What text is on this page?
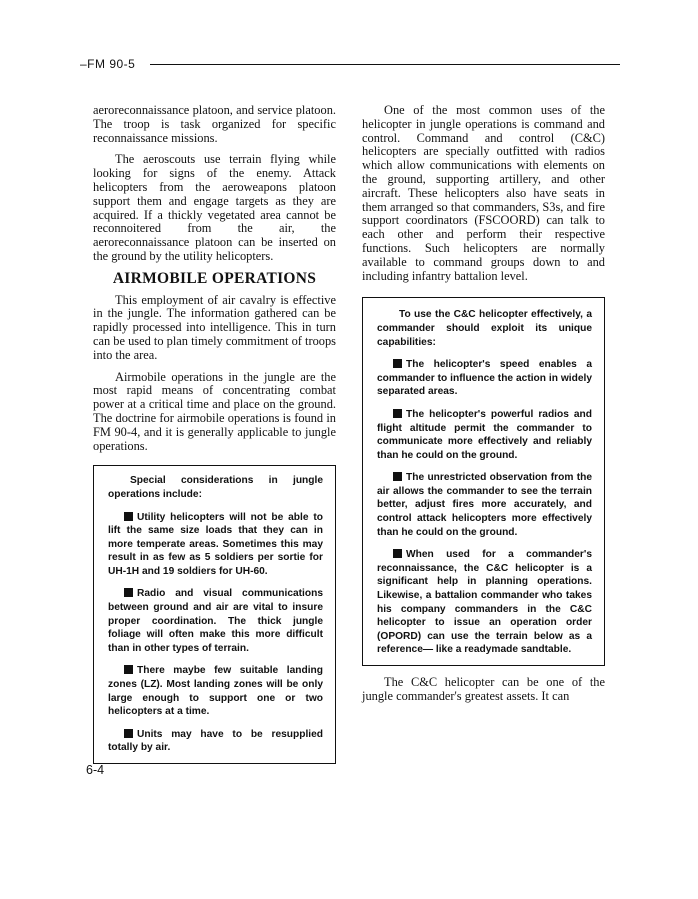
–FM 90-5

aeroreconnaissance platoon, and service platoon. The troop is task organized for specific reconnaissance missions.

The aeroscouts use terrain flying while looking for signs of the enemy. Attack helicopters from the aeroweapons platoon support them and engage targets as they are acquired. If a thickly vegetated area cannot be reconnoitered from the air, the aeroreconnaissance platoon can be inserted on the ground by the utility helicopters.

AIRMOBILE OPERATIONS

This employment of air cavalry is effective in the jungle. The information gathered can be rapidly processed into intelligence. This in turn can be used to plan timely commitment of troops into the area.

Airmobile operations in the jungle are the most rapid means of concentrating combat power at a critical time and place on the ground. The doctrine for airmobile operations is found in FM 90-4, and it is generally applicable to jungle operations.

Special considerations in jungle operations include:

Utility helicopters will not be able to lift the same size loads that they can in more temperate areas. Sometimes this may result in as few as 5 soldiers per sortie for UH-1H and 19 soldiers for UH-60.

Radio and visual communications between ground and air are vital to insure proper coordination. The thick jungle foliage will often make this more difficult than in other types of terrain.

There maybe few suitable landing zones (LZ). Most landing zones will be only large enough to support one or two helicopters at a time.

Units may have to be resupplied totally by air.

One of the most common uses of the helicopter in jungle operations is command and control. Command and control (C&C) helicopters are specially outfitted with radios which allow communications with elements on the ground, supporting artillery, and other aircraft. These helicopters also have seats in them arranged so that commanders, S3s, and fire support coordinators (FSCOORD) can talk to each other and perform their respective functions. Such helicopters are normally available to command groups down to and including infantry battalion level.

To use the C&C helicopter effectively, a commander should exploit its unique capabilities:

The helicopter's speed enables a commander to influence the action in widely separated areas.

The helicopter's powerful radios and flight altitude permit the commander to communicate more effectively and reliably than he could on the ground.

The unrestricted observation from the air allows the commander to see the terrain better, adjust fires more accurately, and control attack helicopters more effectively than he could on the ground.

When used for a commander's reconnaissance, the C&C helicopter is a significant help in planning operations. Likewise, a battalion commander who takes his company commanders in the C&C helicopter to issue an operation order (OPORD) can use the terrain below as a reference— like a readymade sandtable.

The C&C helicopter can be one of the jungle commander's greatest assets. It can

6-4
